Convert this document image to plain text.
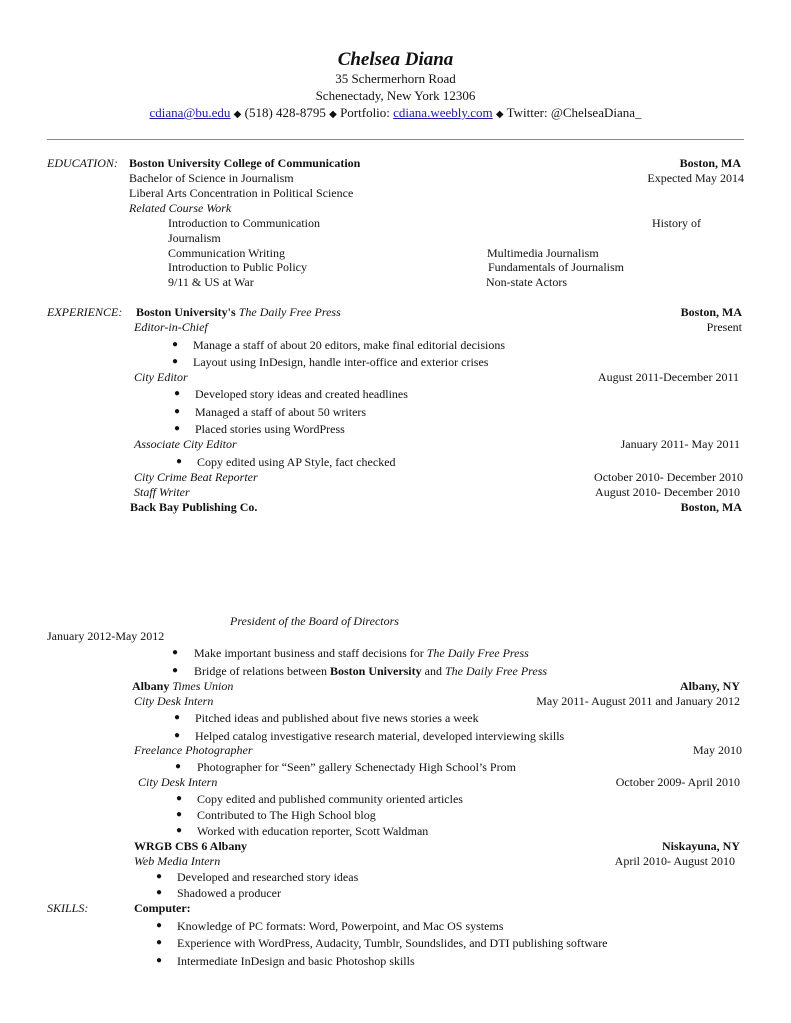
Chelsea Diana
35 Schermerhorn Road
Schenectady, New York 12306
cdiana@bu.edu ◆ (518) 428-8795 ◆ Portfolio: cdiana.weebly.com ◆ Twitter: @ChelseaDiana_
EDUCATION: Boston University College of Communication	Boston, MA
Bachelor of Science in Journalism	Expected May 2014
Liberal Arts Concentration in Political Science
Related Course Work
Introduction to Communication	History of
Journalism
Communication Writing	Multimedia Journalism
Introduction to Public Policy	Fundamentals of Journalism
9/11 & US at War	Non-state Actors
EXPERIENCE: Boston University's The Daily Free Press	Boston, MA
Editor-in-Chief	Present
● Manage a staff of about 20 editors, make final editorial decisions
● Layout using InDesign, handle inter-office and exterior crises
City Editor	August 2011-December 2011
● Developed story ideas and created headlines
● Managed a staff of about 50 writers
● Placed stories using WordPress
Associate City Editor	January 2011- May 2011
● Copy edited using AP Style, fact checked
City Crime Beat Reporter	October 2010- December 2010
Staff Writer	August 2010- December 2010
Back Bay Publishing Co.	Boston, MA
President of the Board of Directors
January 2012-May 2012
● Make important business and staff decisions for The Daily Free Press
● Bridge of relations between Boston University and The Daily Free Press
Albany Times Union	Albany, NY
City Desk Intern	May 2011- August 2011 and January 2012
● Pitched ideas and published about five news stories a week
● Helped catalog investigative research material, developed interviewing skills
Freelance Photographer	May 2010
● Photographer for “Seen” gallery Schenectady High School’s Prom
City Desk Intern	October 2009- April 2010
● Copy edited and published community oriented articles
● Contributed to The High School blog
● Worked with education reporter, Scott Waldman
WRGB CBS 6 Albany	Niskayuna, NY
Web Media Intern	April 2010- August 2010
● Developed and researched story ideas
● Shadowed a producer
SKILLS:	Computer:
● Knowledge of PC formats: Word, Powerpoint, and Mac OS systems
● Experience with WordPress, Audacity, Tumblr, Soundslides, and DTI publishing software
● Intermediate InDesign and basic Photoshop skills
